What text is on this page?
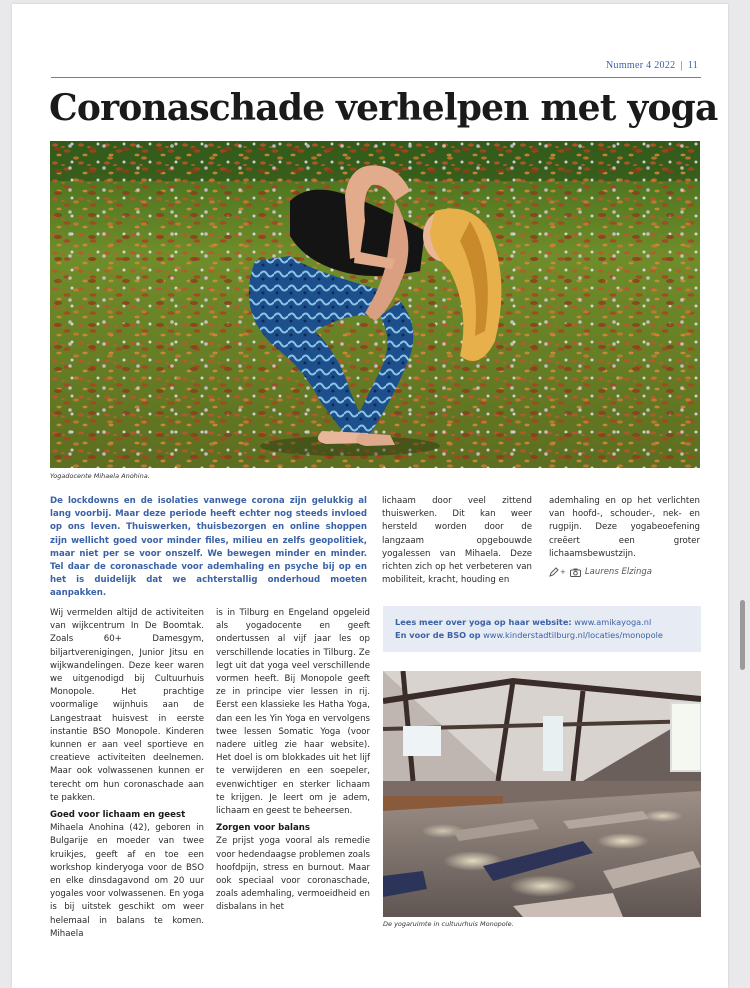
Nummer 4 2022 | 11
Coronaschade verhelpen met yoga
Yogadocente Mihaela Anohina.

De lockdowns en de isolaties vanwege corona zijn gelukkig al lang voorbij. Maar deze periode heeft echter nog steeds invloed op ons leven. Thuiswerken, thuisbezorgen en online shoppen zijn wellicht goed voor minder files, milieu en zelfs geopolitiek, maar niet per se voor onszelf. We bewegen minder en minder. Tel daar de coronaschade voor ademhaling en psyche bij op en het is duidelijk dat we achterstallig onderhoud moeten aanpakken.

lichaam door veel zittend thuiswerken. Dit kan weer hersteld worden door de langzaam opgebouwde yogalessen van Mihaela. Deze richten zich op het verbeteren van mobiliteit, kracht, houding en

ademhaling en op het verlichten van hoofd-, schouder-, nek- en rugpijn. Deze yogabeoefening creëert een groter lichaamsbewustzijn.

+ Laurens Elzinga

Wij vermelden altijd de activiteiten van wijkcentrum In De Boomtak. Zoals 60+ Damesgym, biljartverenigingen, Junior Jitsu en wijkwandelingen. Deze keer waren we uitgenodigd bij Cultuurhuis Monopole. Het prachtige voormalige wijnhuis aan de Langestraat huisvest in eerste instantie BSO Monopole. Kinderen kunnen er aan veel sportieve en creatieve activiteiten deelnemen. Maar ook volwassenen kunnen er terecht om hun coronaschade aan te pakken.

Goed voor lichaam en geest

Mihaela Anohina (42), geboren in Bulgarije en moeder van twee kruikjes, geeft af en toe een workshop kinderyoga voor de BSO en elke dinsdagavond om 20 uur yogales voor volwassenen. En yoga is bij uitstek geschikt om weer helemaal in balans te komen. Mihaela

is in Tilburg en Engeland opgeleid als yogadocente en geeft ondertussen al vijf jaar les op verschillende locaties in Tilburg. Ze legt uit dat yoga veel verschillende vormen heeft. Bij Monopole geeft ze in principe vier lessen in rij. Eerst een klassieke les Hatha Yoga, dan een les Yin Yoga en vervolgens twee lessen Somatic Yoga (voor nadere uitleg zie haar website). Het doel is om blokkades uit het lijf te verwijderen en een soepeler, evenwichtiger en sterker lichaam te krijgen. Je leert om je adem, lichaam en geest te beheersen.

Zorgen voor balans

Ze prijst yoga vooral als remedie voor hedendaagse problemen zoals hoofdpijn, stress en burnout. Maar ook speciaal voor coronaschade, zoals ademhaling, vermoeidheid en disbalans in het

Lees meer over yoga op haar website: www.amikayoga.nl
En voor de BSO op www.kinderstadtilburg.nl/locaties/monopole
De yogaruimte in cultuurhuis Monopole.
